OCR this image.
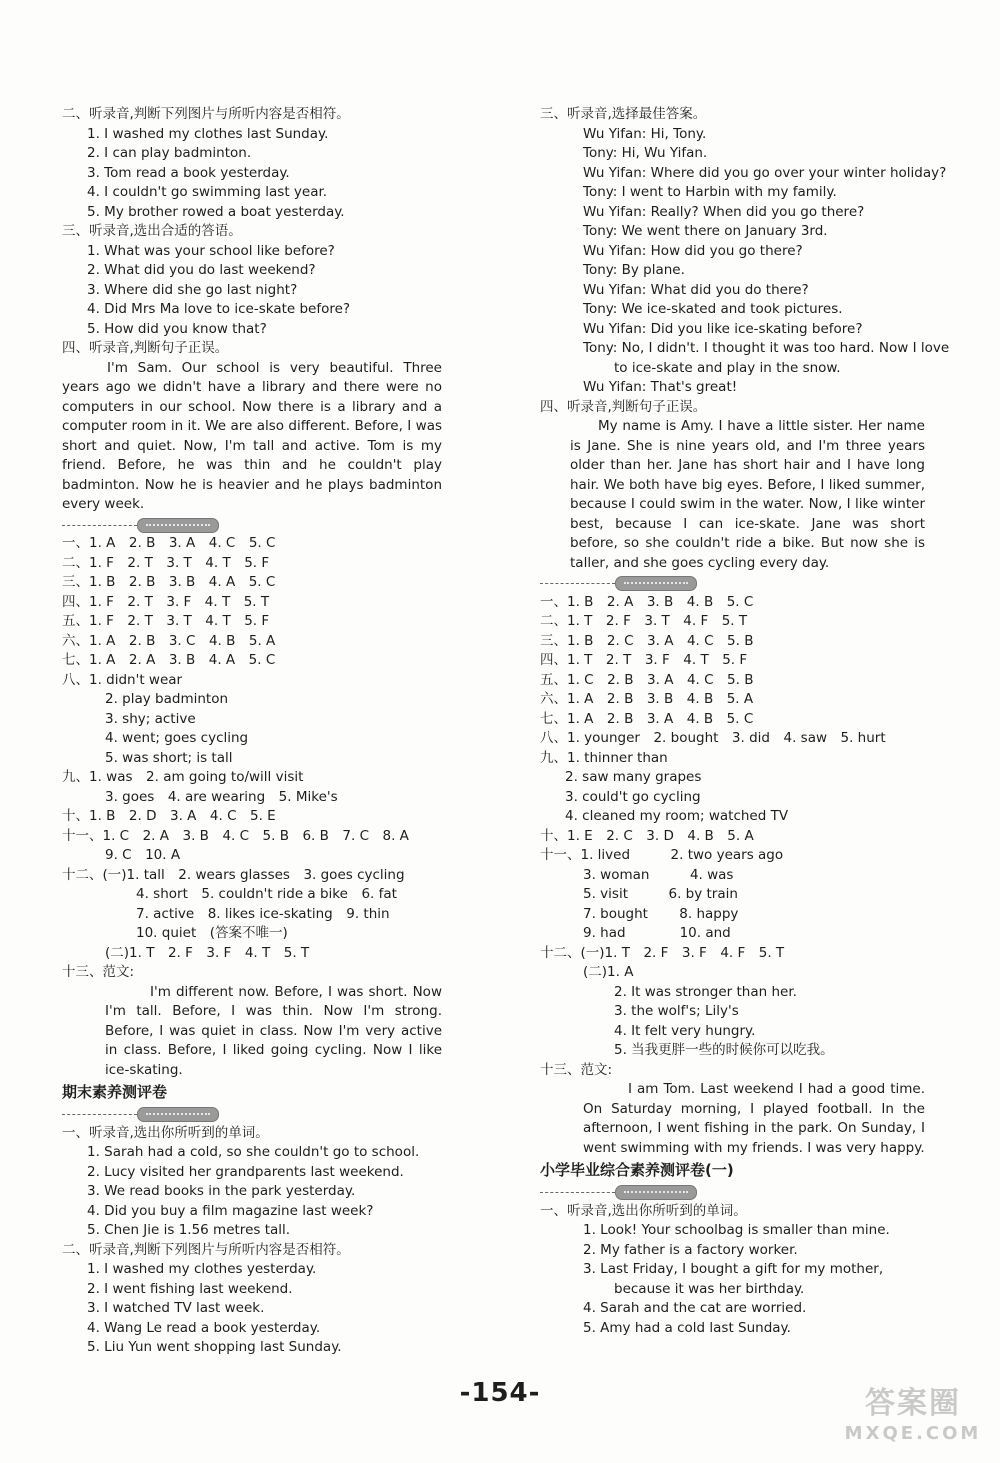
二、听录音,判断下列图片与所听内容是否相符。
1. I washed my clothes last Sunday.
2. I can play badminton.
3. Tom read a book yesterday.
4. I couldn't go swimming last year.
5. My brother rowed a boat yesterday.
三、听录音,选出合适的答语。
1. What was your school like before?
2. What did you do last weekend?
3. Where did she go last night?
4. Did Mrs Ma love to ice-skate before?
5. How did you know that?
四、听录音,判断句子正误。
I'm Sam. Our school is very beautiful. Three years ago we didn't have a library and there were no computers in our school. Now there is a library and a computer room in it. We are also different. Before, I was short and quiet. Now, I'm tall and active. Tom is my friend. Before, he was thin and he couldn't play badminton. Now he is heavier and he plays badminton every week.
一、1. A　2. B　3. A　4. C　5. C
二、1. F　2. T　3. T　4. T　5. F
三、1. B　2. B　3. B　4. A　5. C
四、1. F　2. T　3. F　4. T　5. T
五、1. F　2. T　3. T　4. T　5. F
六、1. A　2. B　3. C　4. B　5. A
七、1. A　2. A　3. B　4. A　5. C
八、1. didn't wear
2. play badminton
3. shy; active
4. went; goes cycling
5. was short; is tall
九、1. was　2. am going to/will visit
3. goes　4. are wearing　5. Mike's
十、1. B　2. D　3. A　4. C　5. E
十一、1. C　2. A　3. B　4. C　5. B　6. B　7. C　8. A
9. C　10. A
十二、(一)1. tall　2. wears glasses　3. goes cycling
4. short　5. couldn't ride a bike　6. fat
7. active　8. likes ice-skating　9. thin
10. quiet　(答案不唯一)
(二)1. T　2. F　3. F　4. T　5. T
十三、范文:
I'm different now. Before, I was short. Now I'm tall. Before, I was thin. Now I'm strong. Before, I was quiet in class. Now I'm very active in class. Before, I liked going cycling. Now I like ice-skating.
期末素养测评卷
一、听录音,选出你所听到的单词。
1. Sarah had a cold, so she couldn't go to school.
2. Lucy visited her grandparents last weekend.
3. We read books in the park yesterday.
4. Did you buy a film magazine last week?
5. Chen Jie is 1.56 metres tall.
二、听录音,判断下列图片与所听内容是否相符。
1. I washed my clothes yesterday.
2. I went fishing last weekend.
3. I watched TV last week.
4. Wang Le read a book yesterday.
5. Liu Yun went shopping last Sunday.
三、听录音,选择最佳答案。
Wu Yifan: Hi, Tony.
Tony: Hi, Wu Yifan.
Wu Yifan: Where did you go over your winter holiday?
Tony: I went to Harbin with my family.
Wu Yifan: Really? When did you go there?
Tony: We went there on January 3rd.
Wu Yifan: How did you go there?
Tony: By plane.
Wu Yifan: What did you do there?
Tony: We ice-skated and took pictures.
Wu Yifan: Did you like ice-skating before?
Tony: No, I didn't. I thought it was too hard. Now I love
to ice-skate and play in the snow.
Wu Yifan: That's great!
四、听录音,判断句子正误。
My name is Amy. I have a little sister. Her name is Jane. She is nine years old, and I'm three years older than her. Jane has short hair and I have long hair. We both have big eyes. Before, I liked summer, because I could swim in the water. Now, I like winter best, because I can ice-skate. Jane was short before, so she couldn't ride a bike. But now she is taller, and she goes cycling every day.
一、1. B　2. A　3. B　4. B　5. C
二、1. T　2. F　3. T　4. F　5. T
三、1. B　2. C　3. A　4. C　5. B
四、1. T　2. T　3. F　4. T　5. F
五、1. C　2. B　3. A　4. C　5. B
六、1. A　2. B　3. B　4. B　5. A
七、1. A　2. B　3. A　4. B　5. C
八、1. younger　2. bought　3. did　4. saw　5. hurt
九、1. thinner than
2. saw many grapes
3. could't go cycling
4. cleaned my room; watched TV
十、1. E　2. C　3. D　4. B　5. A
十一、1. lived　　　2. two years ago
3. woman　　　4. was
5. visit　　　6. by train
7. bought　　 8. happy
9. had　　　　10. and
十二、(一)1. T　2. F　3. F　4. F　5. T
(二)1. A
2. It was stronger than her.
3. the wolf's; Lily's
4. It felt very hungry.
5. 当我更胖一些的时候你可以吃我。
十三、范文:
I am Tom. Last weekend I had a good time. On Saturday morning, I played football. In the afternoon, I went fishing in the park. On Sunday, I went swimming with my friends. I was very happy.
小学毕业综合素养测评卷(一)
一、听录音,选出你所听到的单词。
1. Look! Your schoolbag is smaller than mine.
2. My father is a factory worker.
3. Last Friday, I bought a gift for my mother,
because it was her birthday.
4. Sarah and the cat are worried.
5. Amy had a cold last Sunday.
-154-	答案圈
MXQE.COM
